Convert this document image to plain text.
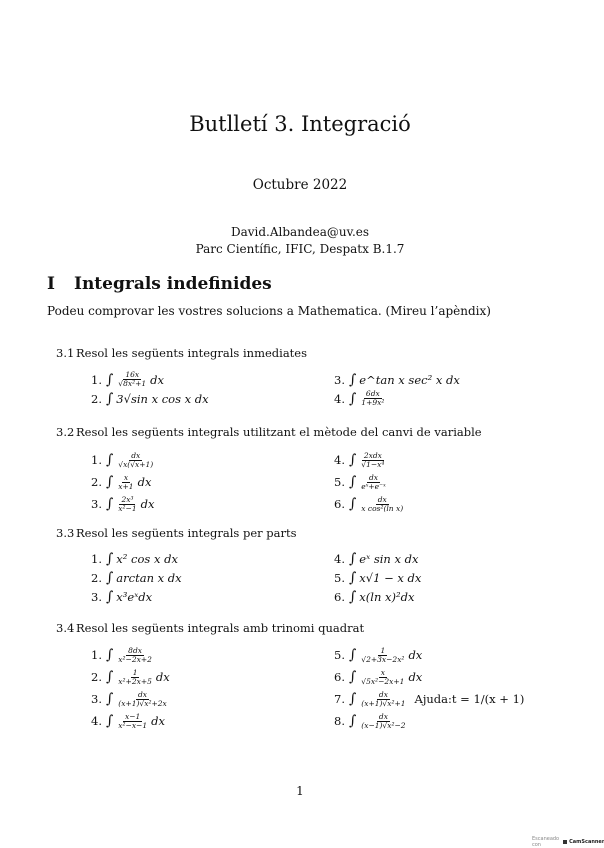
Butlletí 3. Integració
Octubre 2022
David.Albandea@uv.es
Parc Científic, IFIC, Despatx B.1.7
I Integrals indefinides
Podeu comprovar les vostres solucions a Mathematica. (Mireu l’apèndix)
3.1 Resol les següents integrals inmediates
1. ∫ $\frac{16x}{\text{√8x²+1}}$ dx
2. ∫ 3√sin x cos x dx
3. ∫ e^tan x sec² x dx
4. ∫ $\frac{6dx}{\text{1+9x²}}$
3.2 Resol les següents integrals utilitzant el mètode del canvi de variable
1. ∫ $\frac{dx}{√x(√x+1)}$
2. ∫ $\frac{x}{x+1}$ dx
3. ∫ $\frac{\text{2x³}}{\text{x²−1}}$ dx
4. ∫ $\frac{\text{2xdx}}{\text{√1−x⁴}}$
5. ∫ $\frac{dx}{\text{eˣ+e⁻ˣ}}$
6. ∫ $\frac{dx}{\text{x cos²(ln x)}}$
3.3 Resol les següents integrals per parts
1. ∫ x² cos x dx
2. ∫ arctan x dx
3. ∫ x³eˣdx
4. ∫ eˣ sin x dx
5. ∫ x√1 − x dx
6. ∫ x(ln x)²dx
3.4 Resol les següents integrals amb trinomi quadrat
1. ∫ $\frac{8dx}{\text{x²−2x+2}}$
2. ∫ $\frac{1}{\text{x²+2x+5}}$ dx
3. ∫ $\frac{dx}{\text{(x+1)√x²+2x}}$
4. ∫ $\frac{x-1}{\text{x²−x−1}}$ dx
5. ∫ $\frac{1}{\text{√2+3x−2x²}}$ dx
6. ∫ $\frac{x}{\text{√5x²−2x+1}}$ dx
7. ∫ $\frac{dx}{\text{(x+1)√x²+1}}$ Ajuda:t = 1/(x + 1)
8. ∫ $\frac{dx}{\text{(x−1)√x²−2}}$
1
Escaneado con	CamScanner
